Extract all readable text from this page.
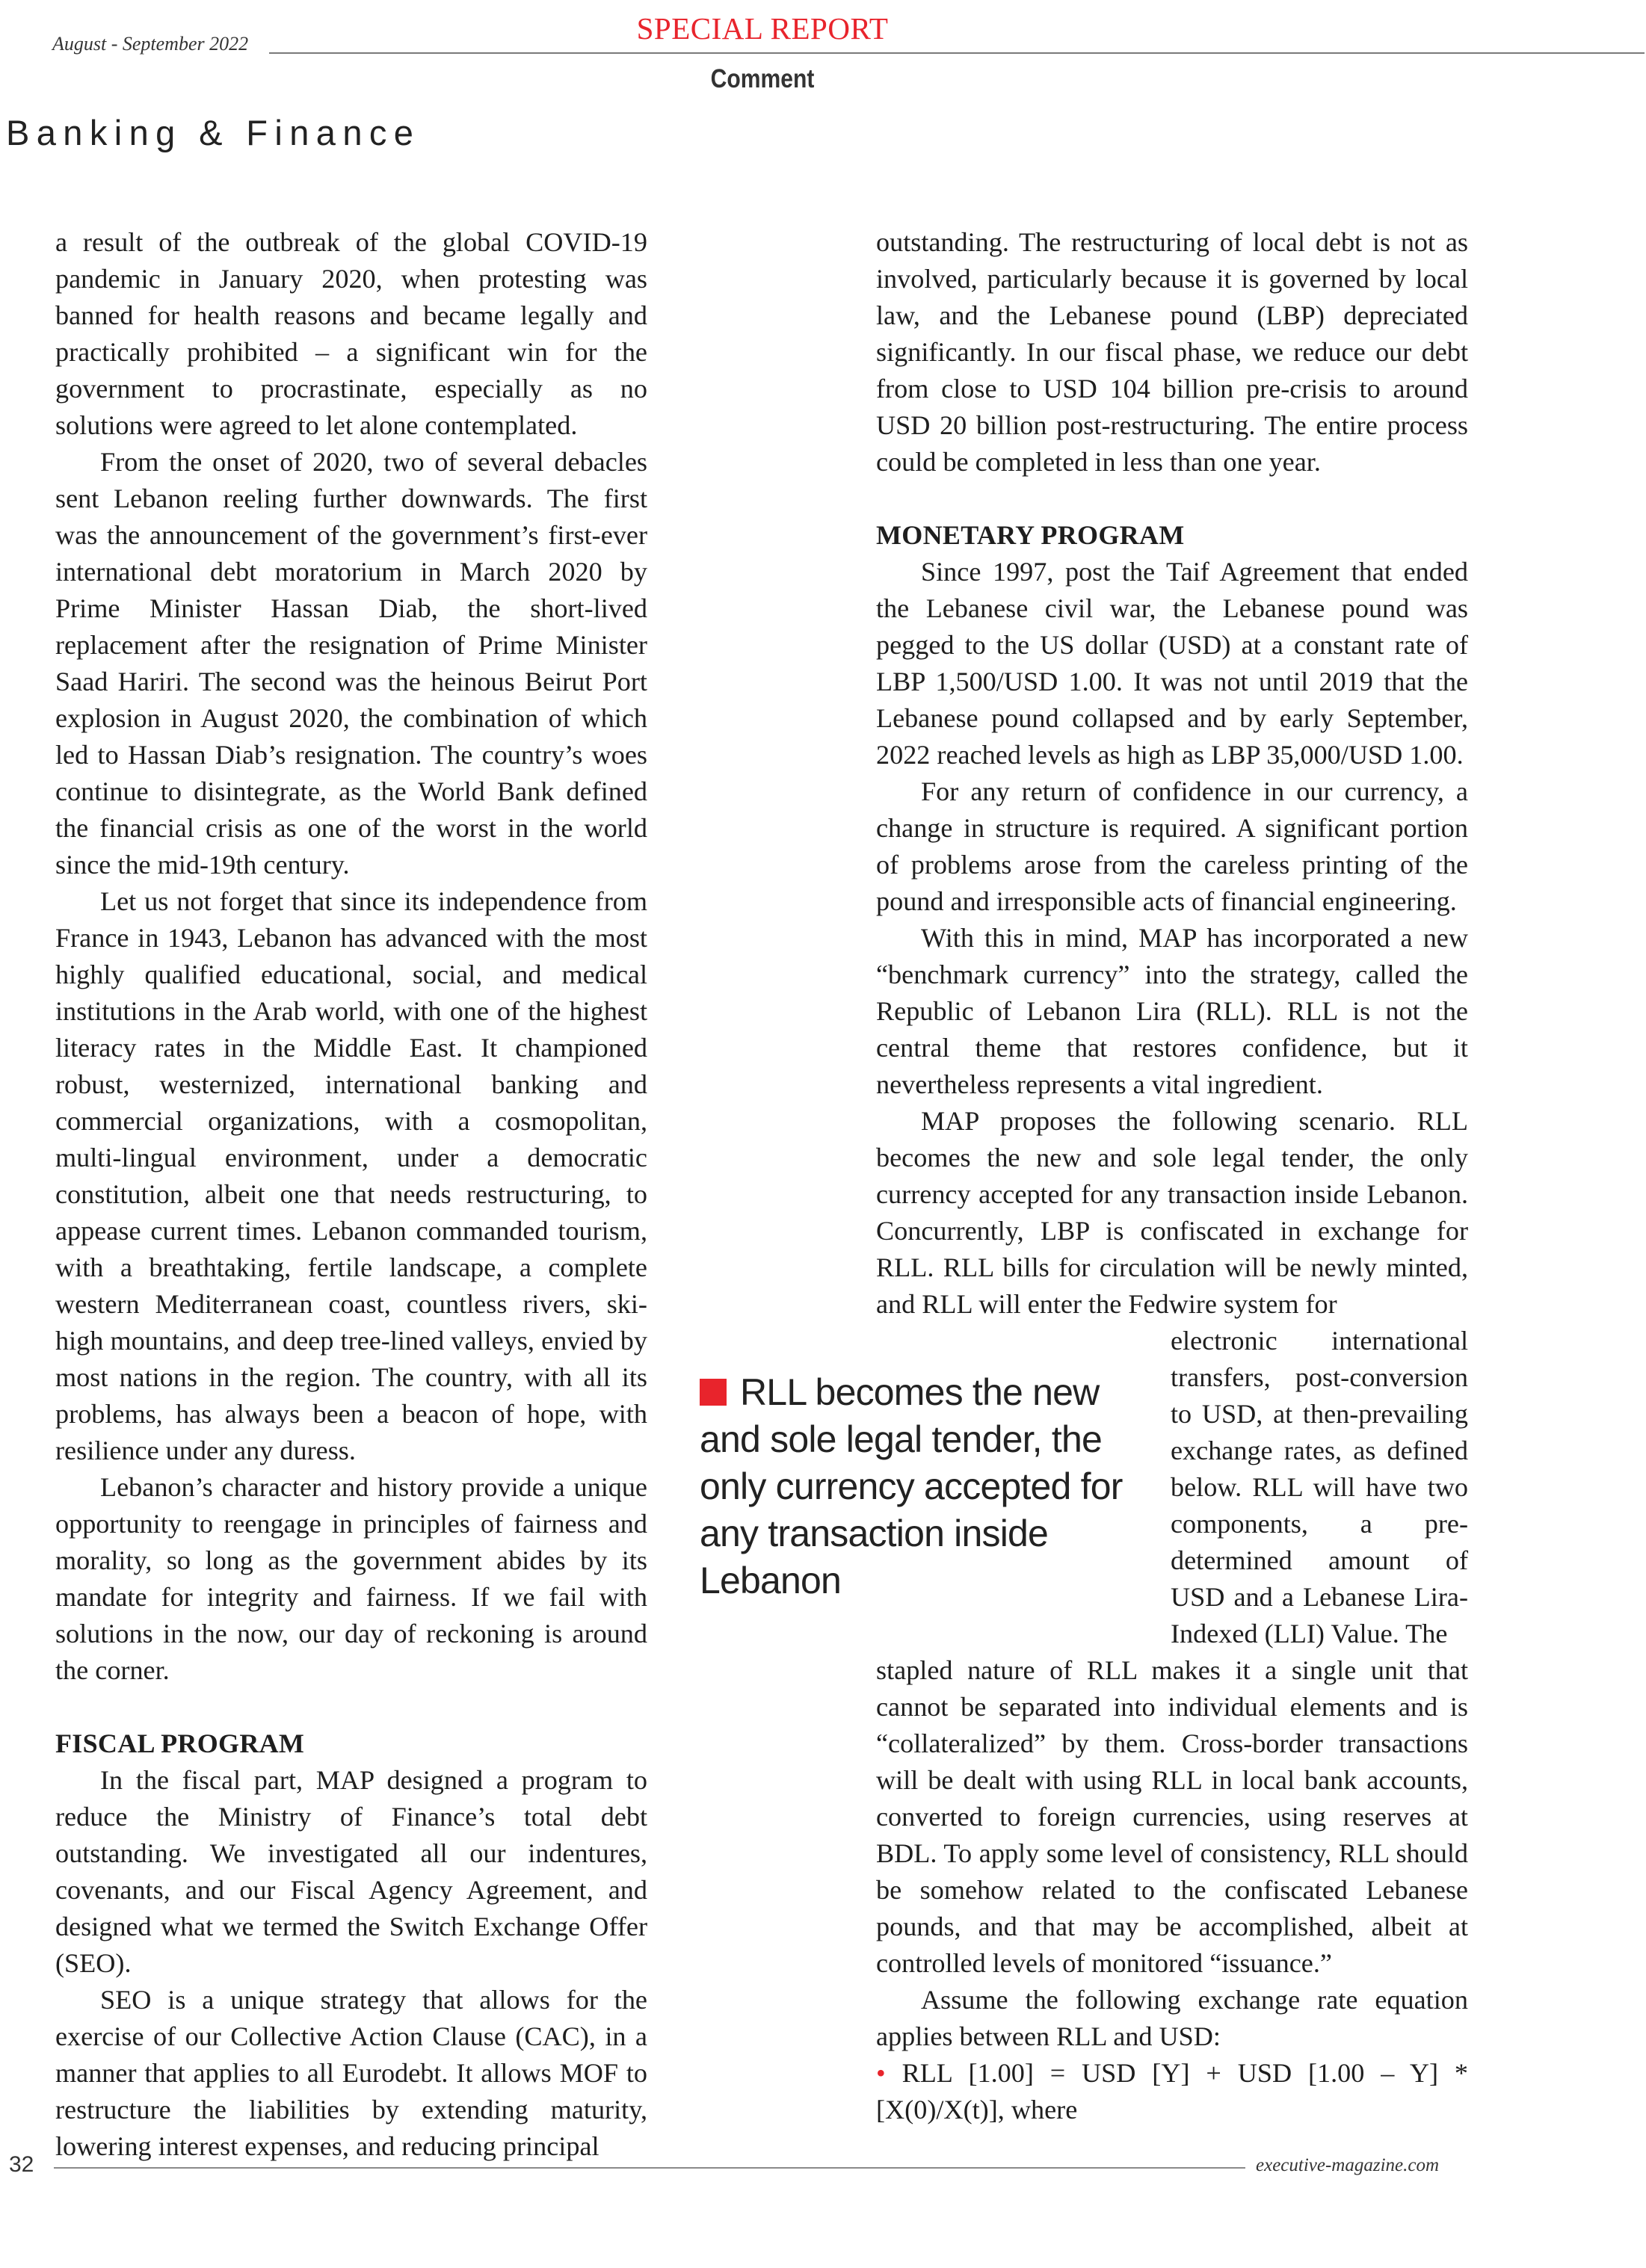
August - September 2022	SPECIAL REPORT
Comment
Banking & Finance

a result of the outbreak of the global COVID-19 pandemic in January 2020, when protesting was banned for health reasons and became legally and practically prohibited – a significant win for the government to procrastinate, especially as no solutions were agreed to let alone contemplated.

From the onset of 2020, two of several debacles sent Lebanon reeling further downwards. The first was the announcement of the government’s first-ever international debt moratorium in March 2020 by Prime Minister Hassan Diab, the short-lived replacement after the resignation of Prime Minister Saad Hariri. The second was the heinous Beirut Port explosion in August 2020, the combination of which led to Hassan Diab’s resignation. The country’s woes continue to disintegrate, as the World Bank defined the financial crisis as one of the worst in the world since the mid-19th century.

Let us not forget that since its independence from France in 1943, Lebanon has advanced with the most highly qualified educational, social, and medical institutions in the Arab world, with one of the highest literacy rates in the Middle East. It championed robust, westernized, international banking and commercial organizations, with a cosmopolitan, multi-lingual environment, under a democratic constitution, albeit one that needs restructuring, to appease current times. Lebanon commanded tourism, with a breathtaking, fertile landscape, a complete western Mediterranean coast, countless rivers, ski-high mountains, and deep tree-lined valleys, envied by most nations in the region. The country, with all its problems, has always been a beacon of hope, with resilience under any duress.

Lebanon’s character and history provide a unique opportunity to reengage in principles of fairness and morality, so long as the government abides by its mandate for integrity and fairness. If we fail with solutions in the now, our day of reckoning is around the corner.

FISCAL PROGRAM

In the fiscal part, MAP designed a program to reduce the Ministry of Finance’s total debt outstanding. We investigated all our indentures, covenants, and our Fiscal Agency Agreement, and designed what we termed the Switch Exchange Offer (SEO).

SEO is a unique strategy that allows for the exercise of our Collective Action Clause (CAC), in a manner that applies to all Eurodebt. It allows MOF to restructure the liabilities by extending maturity, lowering interest expenses, and reducing principal

outstanding. The restructuring of local debt is not as involved, particularly because it is governed by local law, and the Lebanese pound (LBP) depreciated significantly. In our fiscal phase, we reduce our debt from close to USD 104 billion pre-crisis to around USD 20 billion post-restructuring. The entire process could be completed in less than one year.

MONETARY PROGRAM

Since 1997, post the Taif Agreement that ended the Lebanese civil war, the Lebanese pound was pegged to the US dollar (USD) at a constant rate of LBP 1,500/USD 1.00. It was not until 2019 that the Lebanese pound collapsed and by early September, 2022 reached levels as high as LBP 35,000/USD 1.00.

For any return of confidence in our currency, a change in structure is required. A significant portion of problems arose from the careless printing of the pound and irresponsible acts of financial engineering.

With this in mind, MAP has incorporated a new “benchmark currency” into the strategy, called the Republic of Lebanon Lira (RLL). RLL is not the central theme that restores confidence, but it nevertheless represents a vital ingredient.

MAP proposes the following scenario. RLL becomes the new and sole legal tender, the only currency accepted for any transaction inside Lebanon. Concurrently, LBP is confiscated in exchange for RLL. RLL bills for circulation will be newly minted, and RLL will enter the Fedwire system for

electronic international transfers, post-conversion to USD, at then-prevailing exchange rates, as defined below. RLL will have two components, a pre-determined amount of USD and a Lebanese Lira-Indexed (LLI) Value. The

stapled nature of RLL makes it a single unit that cannot be separated into individual elements and is “collateralized” by them. Cross-border transactions will be dealt with using RLL in local bank accounts, converted to foreign currencies, using reserves at BDL. To apply some level of consistency, RLL should be somehow related to the confiscated Lebanese pounds, and that may be accomplished, albeit at controlled levels of monitored “issuance.”

Assume the following exchange rate equation applies between RLL and USD:

• RLL [1.00] = USD [Y] + USD [1.00 – Y] * [X(0)/X(t)], where

RLL becomes the new and sole legal tender, the only currency accepted for any transaction inside Lebanon
32	executive-magazine.com
